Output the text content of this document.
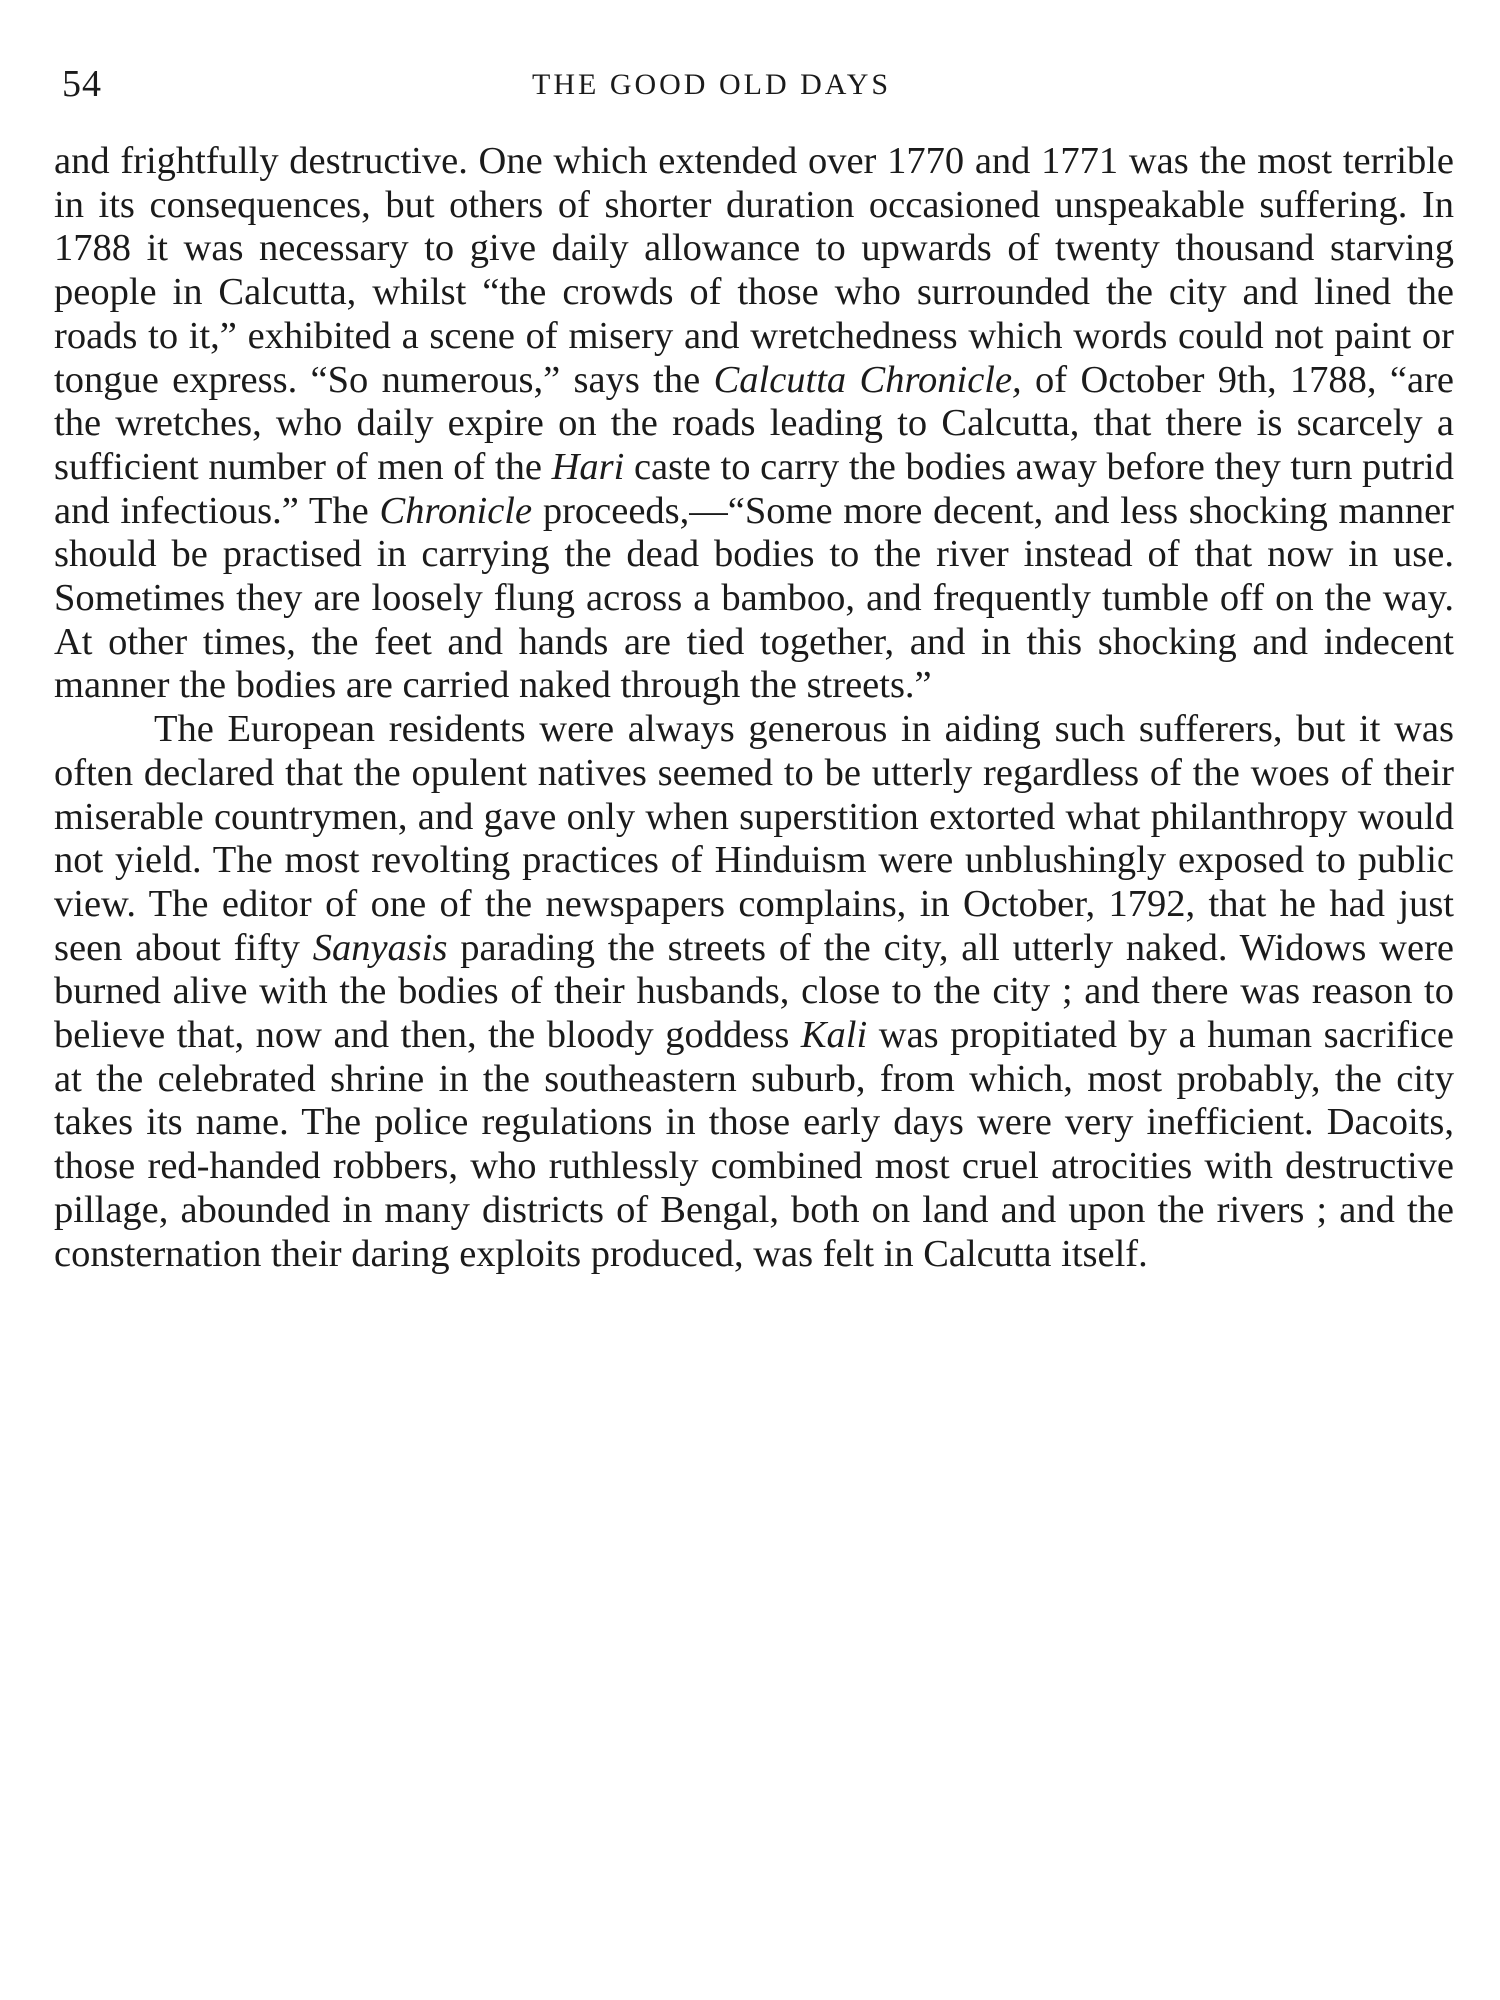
54	THE GOOD OLD DAYS

and frightfully destructive. One which extended over 1770 and 1771 was the most terrible in its consequences, but others of shorter duration occasioned unspeakable suffering. In 1788 it was necessary to give daily allowance to upwards of twenty thousand starving people in Calcutta, whilst “the crowds of those who surrounded the city and lined the roads to it,” exhibited a scene of misery and wretchedness which words could not paint or tongue express. “So numerous,” says the Calcutta Chronicle, of October 9th, 1788, “are the wretches, who daily expire on the roads leading to Calcutta, that there is scarcely a sufficient number of men of the Hari caste to carry the bodies away before they turn putrid and infectious.” The Chronicle proceeds,—“Some more decent, and less shocking manner should be practised in carrying the dead bodies to the river instead of that now in use. Sometimes they are loosely flung across a bamboo, and frequently tumble off on the way. At other times, the feet and hands are tied together, and in this shocking and indecent manner the bodies are carried naked through the streets.”

The European residents were always generous in aiding such sufferers, but it was often declared that the opulent natives seemed to be utterly regardless of the woes of their miserable countrymen, and gave only when superstition extorted what philanthropy would not yield. The most revolting practices of Hinduism were unblushingly exposed to public view. The editor of one of the newspapers complains, in October, 1792, that he had just seen about fifty Sanyasis parading the streets of the city, all utterly naked. Widows were burned alive with the bodies of their husbands, close to the city ; and there was reason to believe that, now and then, the bloody goddess Kali was propitiated by a human sacrifice at the celebrated shrine in the southeastern suburb, from which, most probably, the city takes its name. The police regulations in those early days were very inefficient. Dacoits, those red-handed robbers, who ruthlessly combined most cruel atrocities with destructive pillage, abounded in many districts of Bengal, both on land and upon the rivers ; and the consternation their daring exploits produced, was felt in Calcutta itself.
